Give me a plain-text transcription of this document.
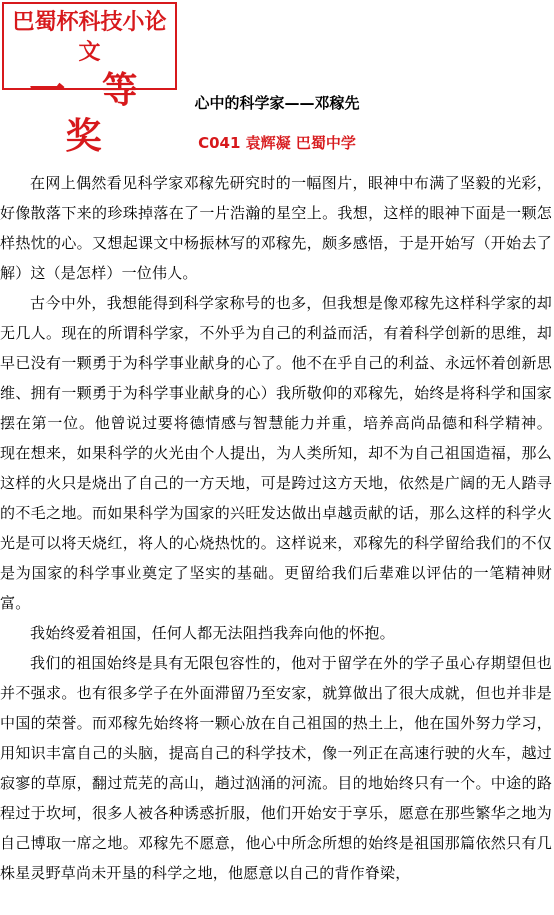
巴蜀杯科技小论文
一 等 奖
心中的科学家——邓稼先
C041 袁辉凝 巴蜀中学

在网上偶然看见科学家邓稼先研究时的一幅图片，眼神中布满了坚毅的光彩，好像散落下来的珍珠掉落在了一片浩瀚的星空上。我想，这样的眼神下面是一颗怎样热忱的心。又想起课文中杨振林写的邓稼先，颇多感悟，于是开始写（开始去了解）这（是怎样）一位伟人。

古今中外，我想能得到科学家称号的也多，但我想是像邓稼先这样科学家的却无几人。现在的所谓科学家，不外乎为自己的利益而活，有着科学创新的思维，却早已没有一颗勇于为科学事业献身的心了。他不在乎自己的利益、永远怀着创新思维、拥有一颗勇于为科学事业献身的心）我所敬仰的邓稼先，始终是将科学和国家摆在第一位。他曾说过要将德情感与智慧能力并重，培养高尚品德和科学精神。 现在想来，如果科学的火光由个人提出，为人类所知，却不为自己祖国造福，那么这样的火只是烧出了自己的一方天地，可是跨过这方天地，依然是广阔的无人踏寻的不毛之地。而如果科学为国家的兴旺发达做出卓越贡献的话，那么这样的科学火光是可以将天烧红，将人的心烧热忱的。这样说来，邓稼先的科学留给我们的不仅是为国家的科学事业奠定了坚实的基础。更留给我们后辈难以评估的一笔精神财富。

我始终爱着祖国，任何人都无法阻挡我奔向他的怀抱。

我们的祖国始终是具有无限包容性的，他对于留学在外的学子虽心存期望但也并不强求。也有很多学子在外面滞留乃至安家，就算做出了很大成就，但也并非是中国的荣誉。而邓稼先始终将一颗心放在自己祖国的热土上，他在国外努力学习，用知识丰富自己的头脑，提高自己的科学技术，像一列正在高速行驶的火车，越过寂寥的草原，翻过荒芜的高山，趟过汹涌的河流。目的地始终只有一个。中途的路程过于坎坷，很多人被各种诱惑折服，他们开始安于享乐，愿意在那些繁华之地为自己博取一席之地。邓稼先不愿意，他心中所念所想的始终是祖国那篇依然只有几株星灵野草尚未开垦的科学之地，他愿意以自己的背作脊梁，
